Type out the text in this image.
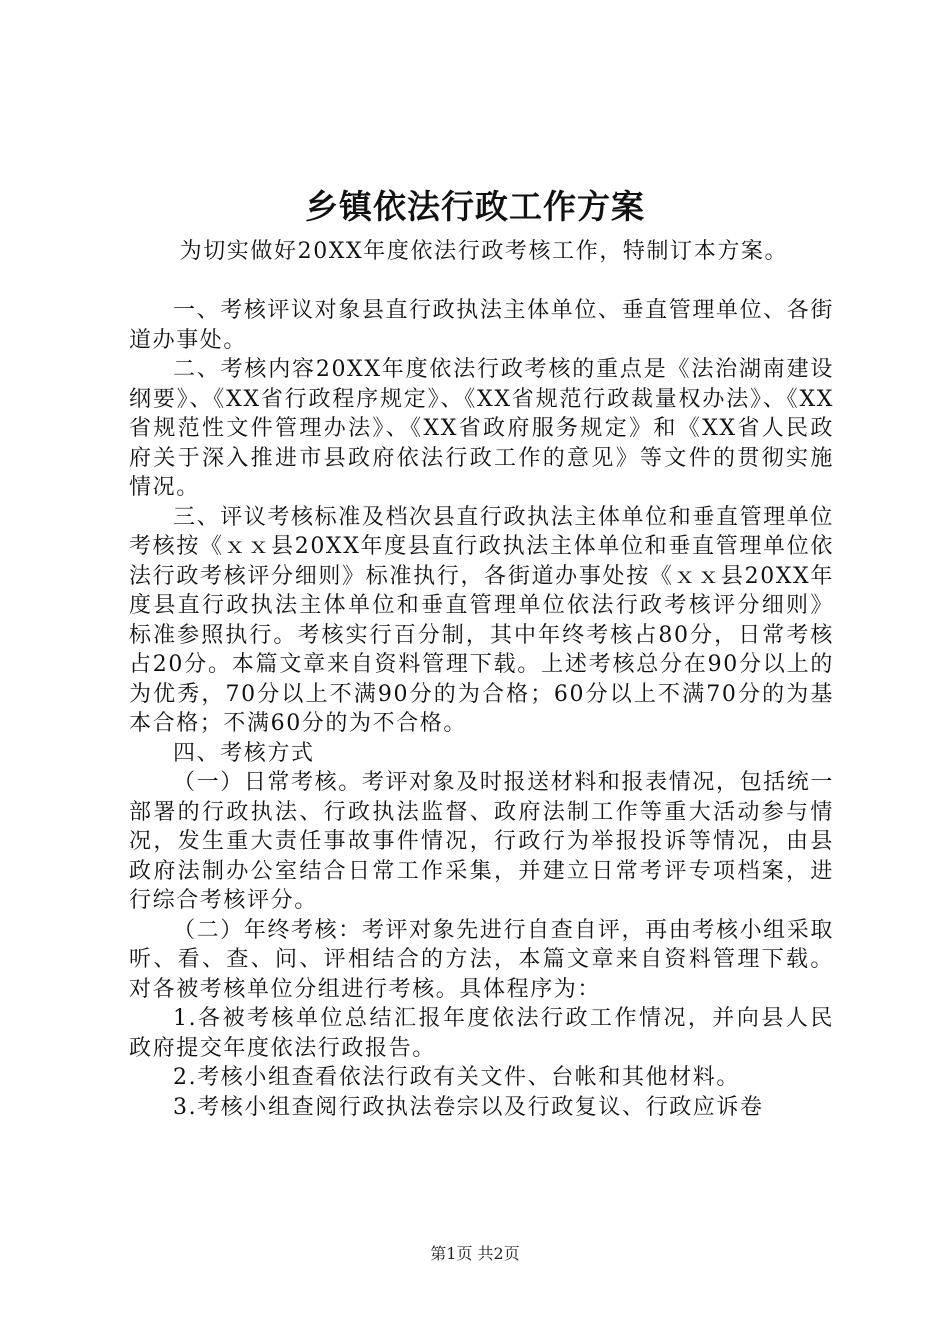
乡镇依法行政工作方案

为切实做好20XX年度依法行政考核工作，特制订本方案。

一、考核评议对象县直行政执法主体单位、垂直管理单位、各街道办事处。

二、考核内容20XX年度依法行政考核的重点是《法治湖南建设纲要》、《XX省行政程序规定》、《XX省规范行政裁量权办法》、《XX省规范性文件管理办法》、《XX省政府服务规定》和《XX省人民政府关于深入推进市县政府依法行政工作的意见》等文件的贯彻实施情况。

三、评议考核标准及档次县直行政执法主体单位和垂直管理单位考核按《ｘｘ县20XX年度县直行政执法主体单位和垂直管理单位依法行政考核评分细则》标准执行，各街道办事处按《ｘｘ县20XX年度县直行政执法主体单位和垂直管理单位依法行政考核评分细则》标准参照执行。考核实行百分制，其中年终考核占80分，日常考核占20分。本篇文章来自资料管理下载。上述考核总分在90分以上的为优秀，70分以上不满90分的为合格；60分以上不满70分的为基本合格；不满60分的为不合格。

四、考核方式

（一）日常考核。考评对象及时报送材料和报表情况，包括统一部署的行政执法、行政执法监督、政府法制工作等重大活动参与情况，发生重大责任事故事件情况，行政行为举报投诉等情况，由县政府法制办公室结合日常工作采集，并建立日常考评专项档案，进行综合考核评分。

（二）年终考核：考评对象先进行自查自评，再由考核小组采取听、看、查、问、评相结合的方法，本篇文章来自资料管理下载。对各被考核单位分组进行考核。具体程序为：

1.各被考核单位总结汇报年度依法行政工作情况，并向县人民政府提交年度依法行政报告。

2.考核小组查看依法行政有关文件、台帐和其他材料。

3.考核小组查阅行政执法卷宗以及行政复议、行政应诉卷

第1页 共2页
